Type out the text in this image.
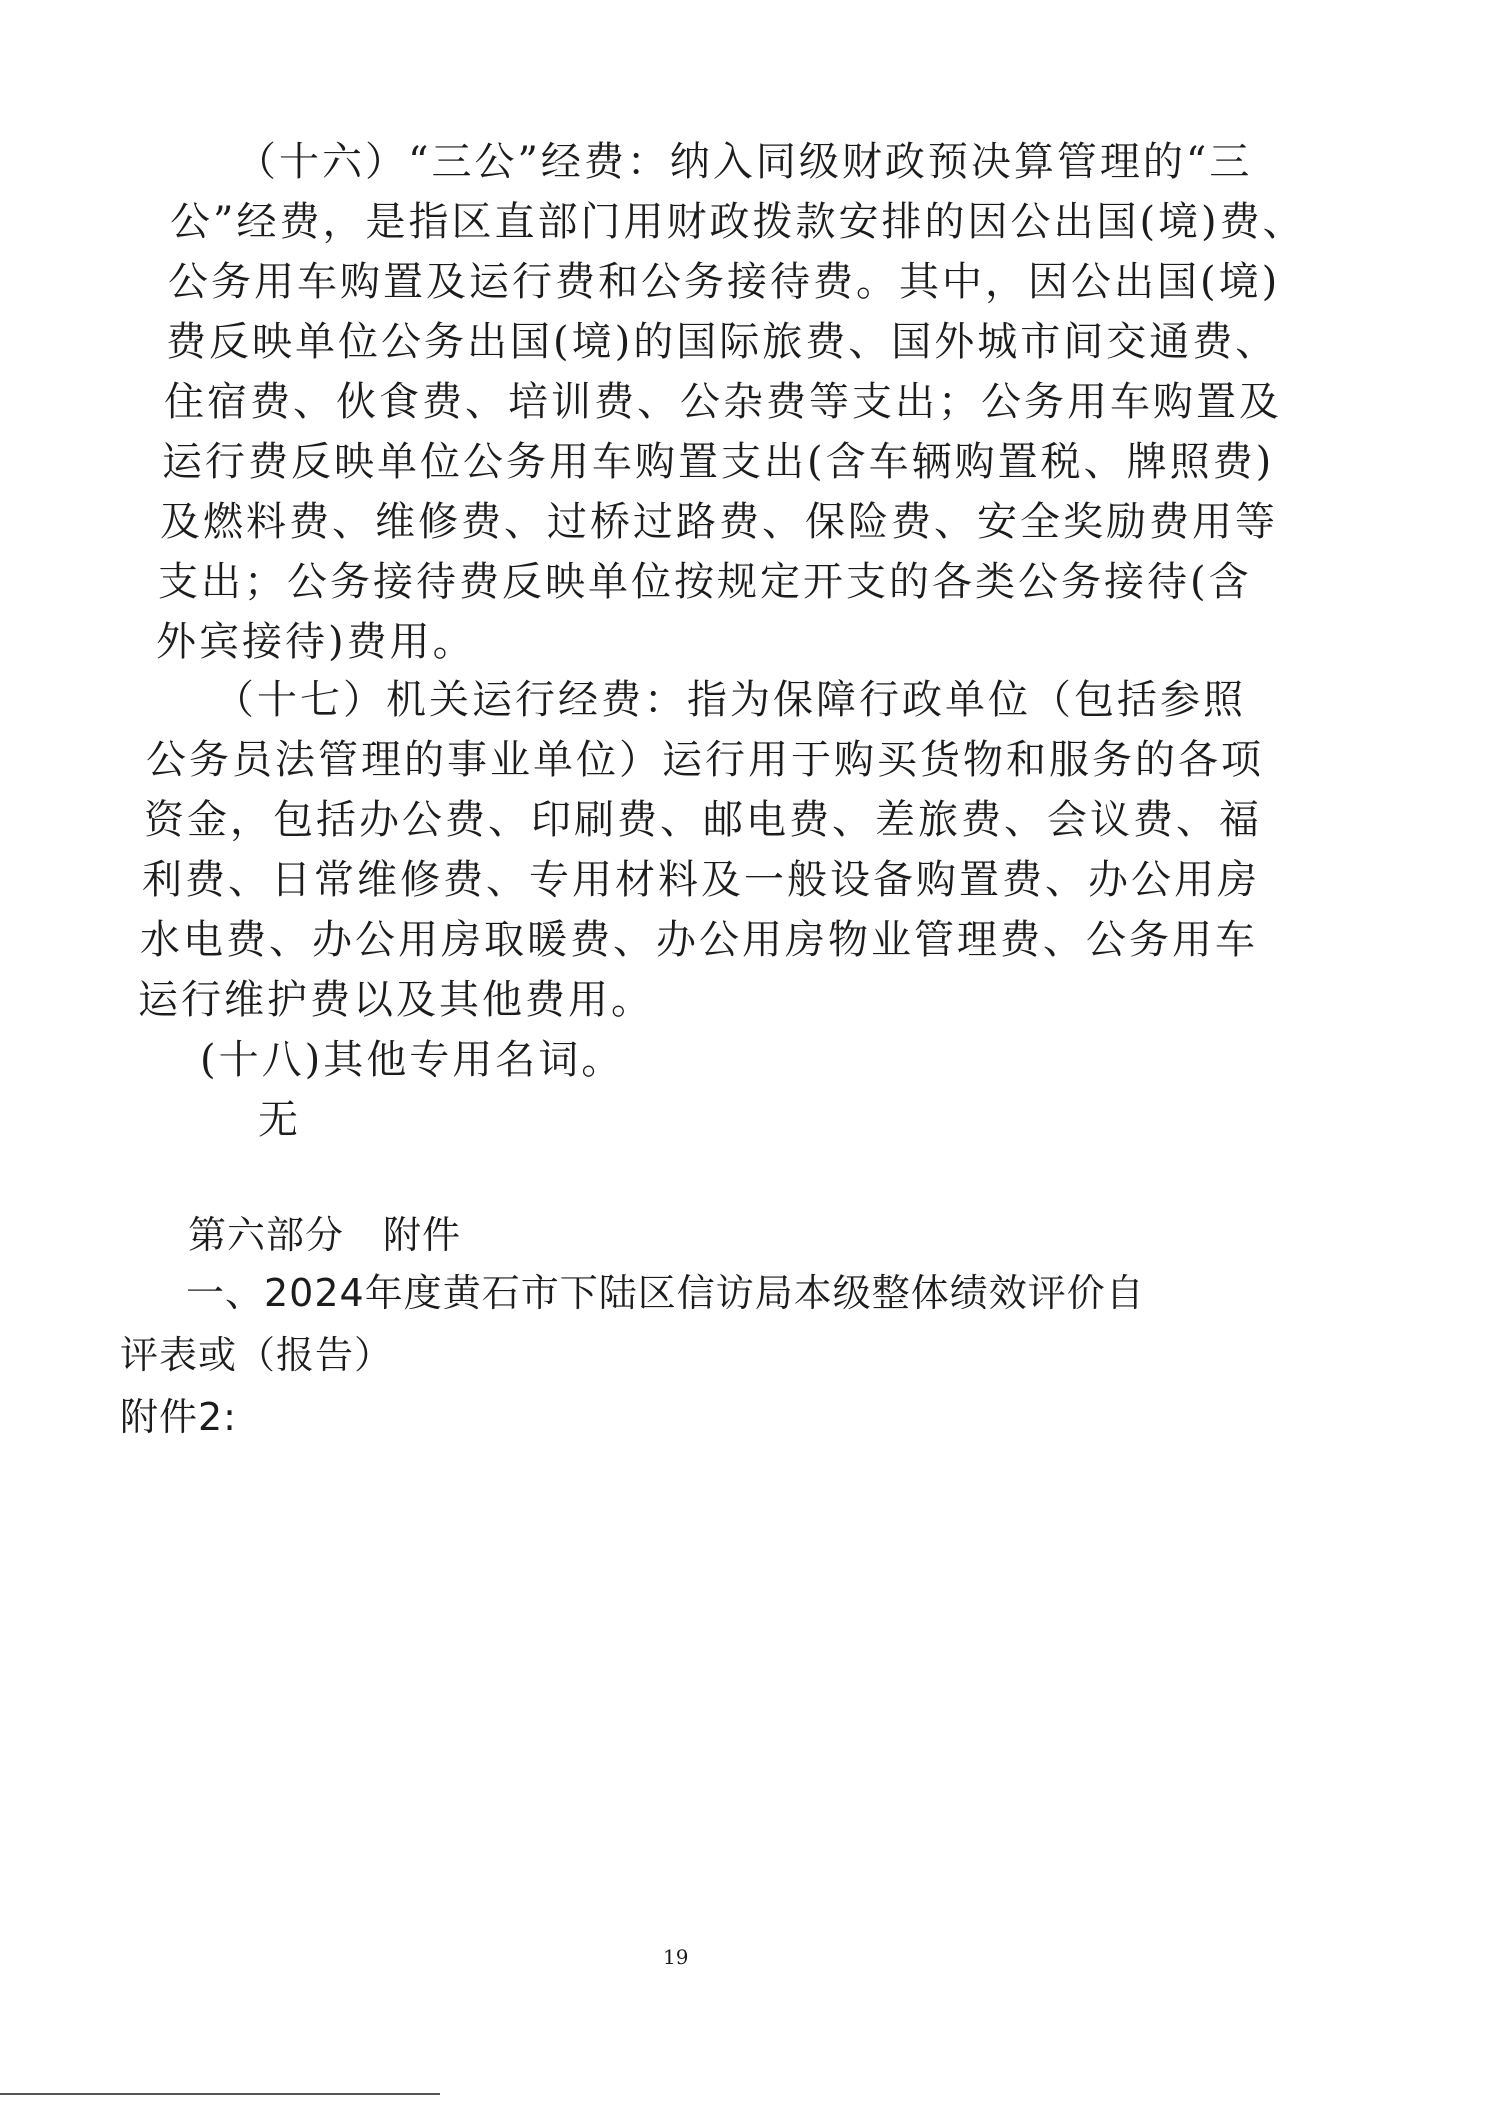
（十六）“三公”经费：纳入同级财政预决算管理的“三
公”经费，是指区直部门用财政拨款安排的因公出国(境)费、
公务用车购置及运行费和公务接待费。其中，因公出国(境)
费反映单位公务出国(境)的国际旅费、国外城市间交通费、
住宿费、伙食费、培训费、公杂费等支出；公务用车购置及
运行费反映单位公务用车购置支出(含车辆购置税、牌照费)
及燃料费、维修费、过桥过路费、保险费、安全奖励费用等
支出；公务接待费反映单位按规定开支的各类公务接待(含
外宾接待)费用。
（十七）机关运行经费：指为保障行政单位（包括参照
公务员法管理的事业单位）运行用于购买货物和服务的各项
资金，包括办公费、印刷费、邮电费、差旅费、会议费、福
利费、日常维修费、专用材料及一般设备购置费、办公用房
水电费、办公用房取暖费、办公用房物业管理费、公务用车
运行维护费以及其他费用。
(十八)其他专用名词。
无
第六部分　附件
一、2024年度黄石市下陆区信访局本级整体绩效评价自
评表或（报告）
附件2:
19
